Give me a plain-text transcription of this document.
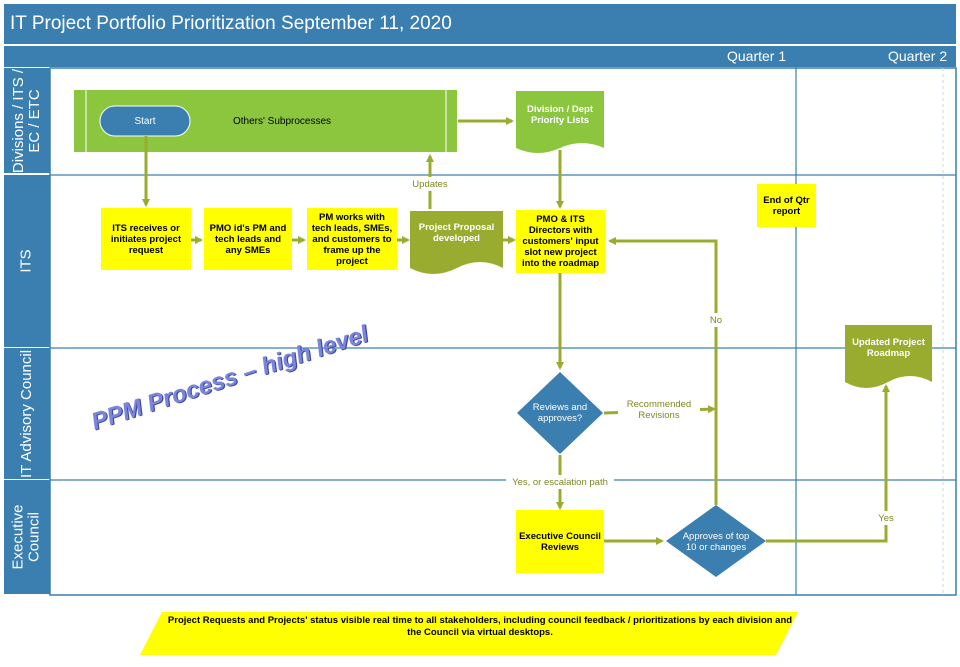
IT Project Portfolio Prioritization September 11, 2020
Quarter 1	Quarter 2
Divisions / ITS /
EC / ETC
ITS
IT Advisory Council
Executive
Council
Start	Others' Subprocesses
Division / Dept
Priority Lists
ITS receives or initiates project request
PMO id's PM and tech leads and any SMEs
PM works with tech leads, SMEs, and customers to frame up the project
Project Proposal
developed
PMO & ITS Directors with customers' input slot new project into the roadmap
End of Qtr report
Updated Project
Roadmap
Reviews and
approves?
Executive Council Reviews
Approves of top
10 or changes
Updates
No
Recommended
Revisions
Yes, or escalation path
Yes
PPM Process – high level
Project Requests and Projects' status visible real time to all stakeholders, including council feedback / prioritizations by each division and the Council via virtual desktops.
